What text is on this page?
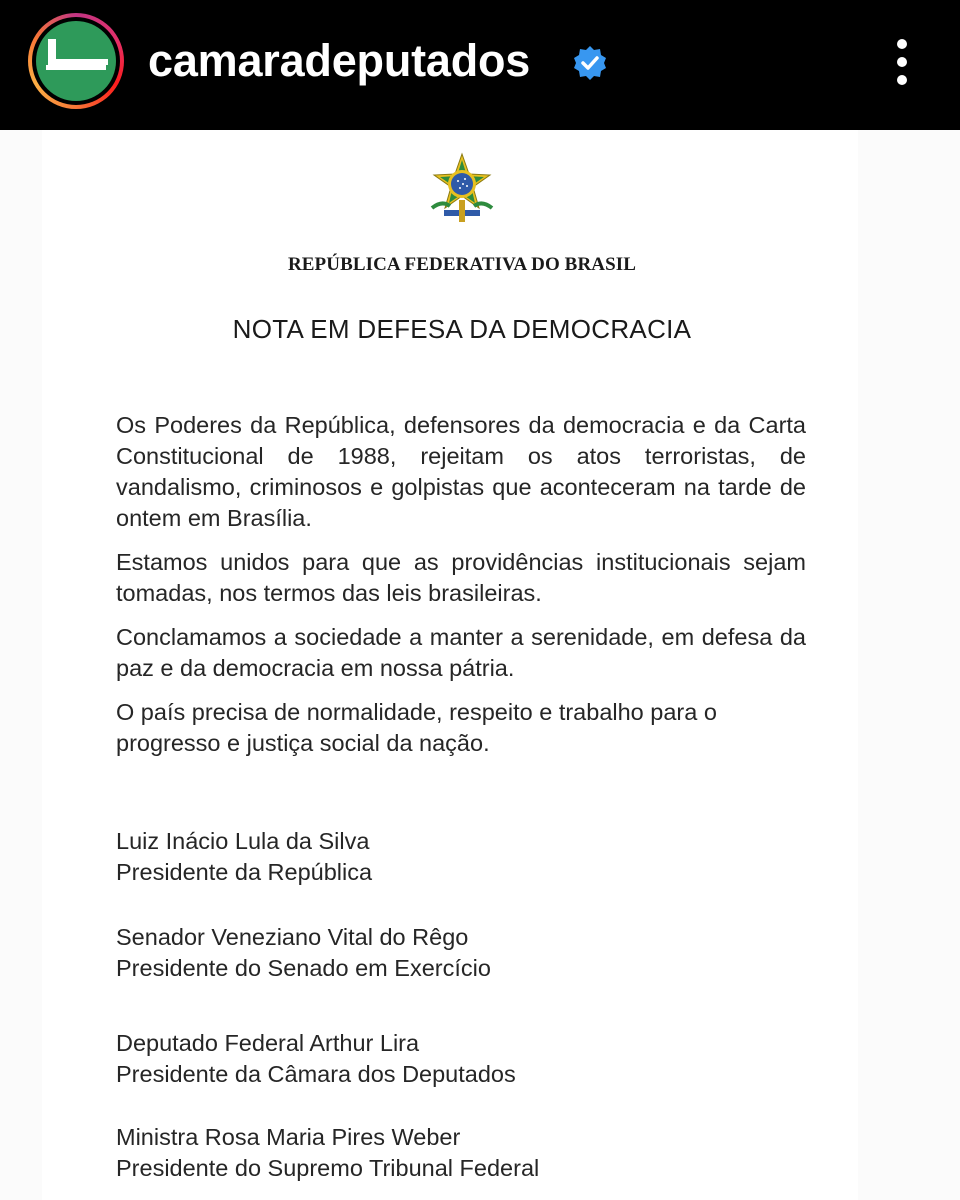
camaradeputados
REPÚBLICA FEDERATIVA DO BRASIL
NOTA EM DEFESA DA DEMOCRACIA

Os Poderes da República, defensores da democracia e da Carta Constitucional de 1988, rejeitam os atos terroristas, de vandalismo, criminosos e golpistas que aconteceram na tarde de ontem em Brasília.

Estamos unidos para que as providências institucionais sejam tomadas, nos termos das leis brasileiras.

Conclamamos a sociedade a manter a serenidade, em defesa da paz e da democracia em nossa pátria.

O país precisa de normalidade, respeito e trabalho para o progresso e justiça social da nação.

Luiz Inácio Lula da Silva
Presidente da República
Senador Veneziano Vital do Rêgo
Presidente do Senado em Exercício
Deputado Federal Arthur Lira
Presidente da Câmara dos Deputados
Ministra Rosa Maria Pires Weber
Presidente do Supremo Tribunal Federal
